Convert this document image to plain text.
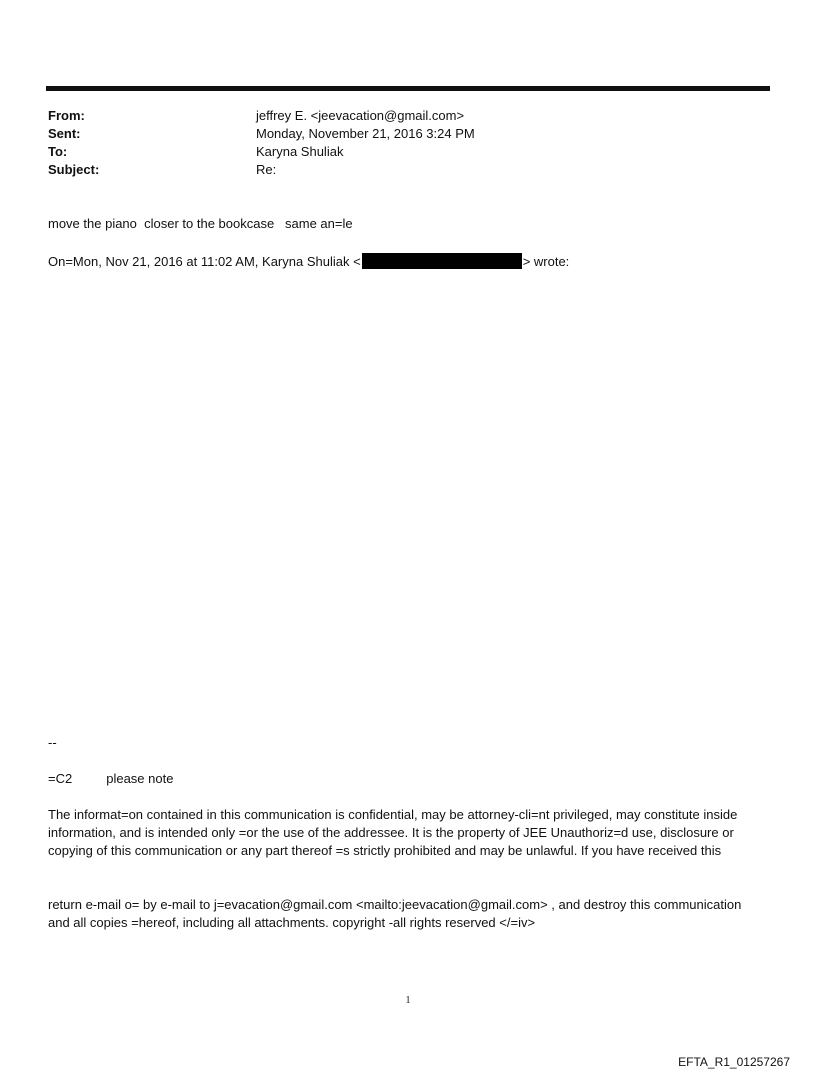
From:	jeffrey E. <jeevacation@gmail.com>
Sent:	Monday, November 21, 2016 3:24 PM
To:	Karyna Shuliak
Subject:	Re:
move the piano  closer to the bookcase   same an=le
On=Mon, Nov 21, 2016 at 11:02 AM, Karyna Shuliak <	> wrote:
--
=C2	please note
The informat=on contained in this communication is confidential, may be attorney-cli=nt privileged, may constitute inside information, and is intended only =or the use of the addressee. It is the property of JEE Unauthoriz=d use, disclosure or copying of this communication or any part thereof =s strictly prohibited and may be unlawful. If you have received this
return e-mail o= by e-mail to j=evacation@gmail.com <mailto:jeevacation@gmail.com> , and destroy this communication and all copies =hereof, including all attachments. copyright -all rights reserved </=iv>
1
EFTA_R1_01257267
